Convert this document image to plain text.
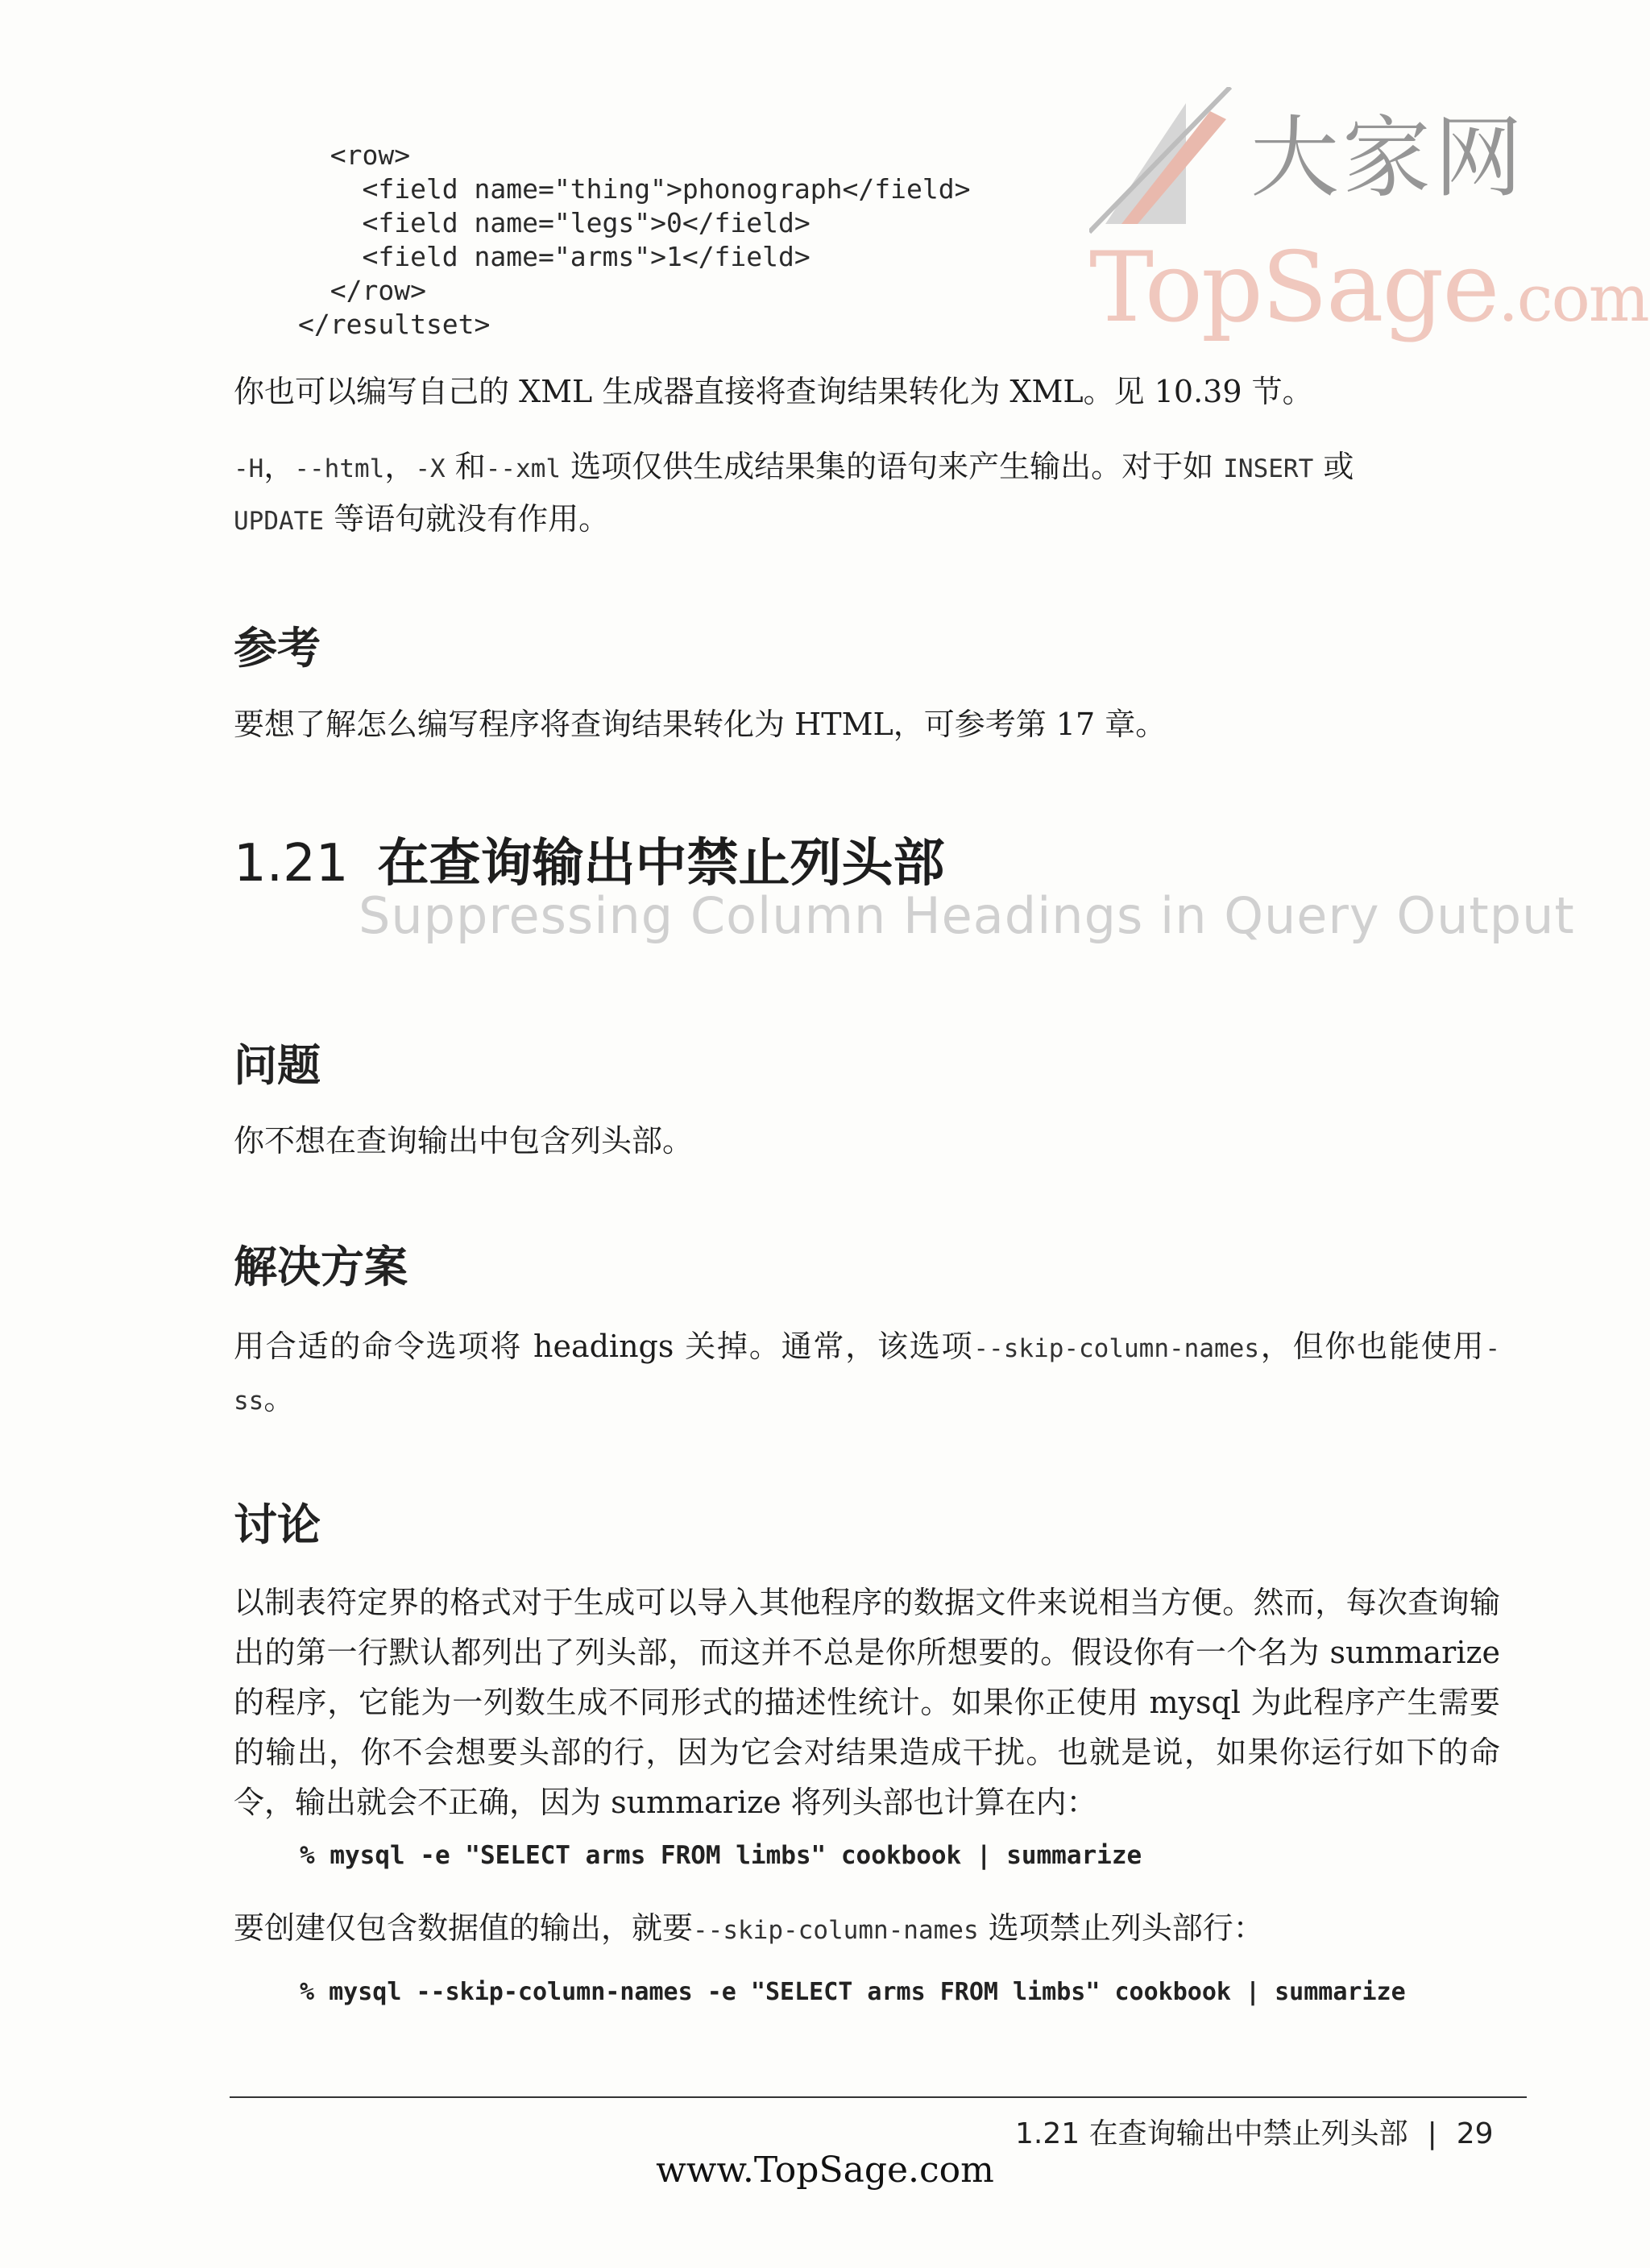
大家网
TopSage.com
<row>
<field name="thing">phonograph</field>
<field name="legs">0</field>
<field name="arms">1</field>
</row>
</resultset>
你也可以编写自己的 XML 生成器直接将查询结果转化为 XML。见 10.39 节。
-H，--html，-X 和--xml 选项仅供生成结果集的语句来产生输出。对于如 INSERT 或
UPDATE 等语句就没有作用。
参考
要想了解怎么编写程序将查询结果转化为 HTML，可参考第 17 章。
1.21 在查询输出中禁止列头部
Suppressing Column Headings in Query Output
问题
你不想在查询输出中包含列头部。
解决方案
用合适的命令选项将 headings 关掉。通常，该选项--skip-column-names，但你也能使用-ss。
讨论
以制表符定界的格式对于生成可以导入其他程序的数据文件来说相当方便。然而，每次查询输出的第一行默认都列出了列头部，而这并不总是你所想要的。假设你有一个名为 summarize 的程序，它能为一列数生成不同形式的描述性统计。如果你正使用 mysql 为此程序产生需要的输出，你不会想要头部的行，因为它会对结果造成干扰。也就是说，如果你运行如下的命令，输出就会不正确，因为 summarize 将列头部也计算在内：
% mysql -e "SELECT arms FROM limbs" cookbook | summarize
要创建仅包含数据值的输出，就要--skip-column-names 选项禁止列头部行：
% mysql --skip-column-names -e "SELECT arms FROM limbs" cookbook | summarize
1.21 在查询输出中禁止列头部 | 29
www.TopSage.com
